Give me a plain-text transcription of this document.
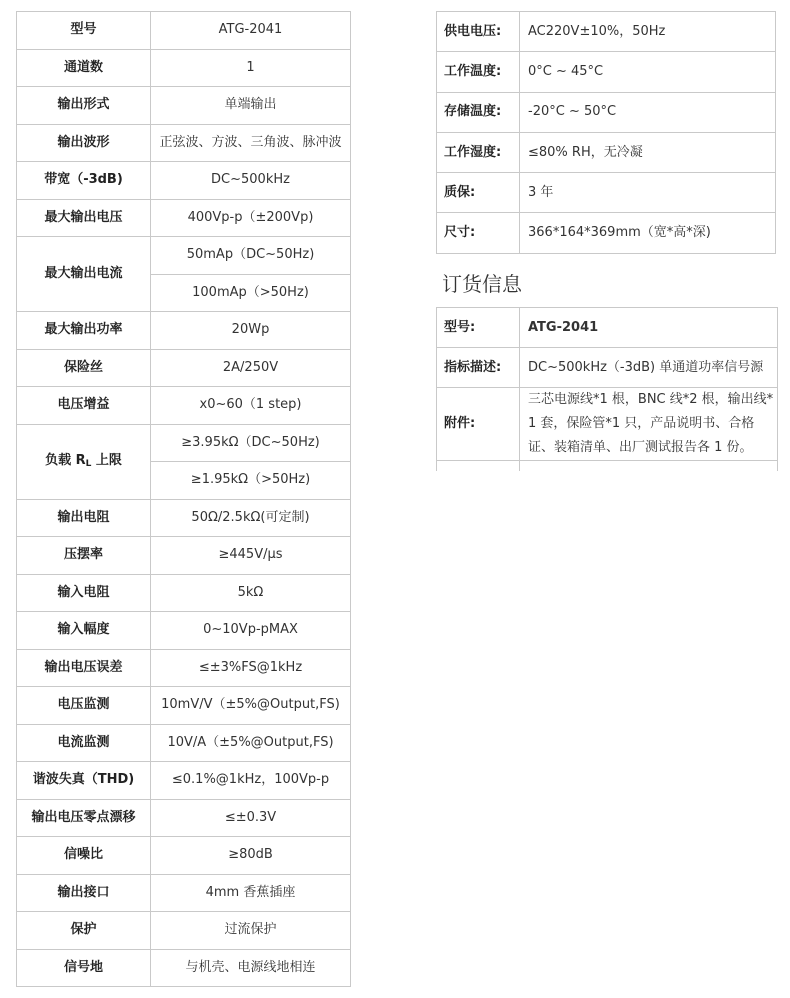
型号	ATG-2041
通道数	1
输出形式	单端输出
输出波形	正弦波、方波、三角波、脉冲波
带宽（-3dB)	DC~500kHz
最大输出电压	400Vp-p（±200Vp)
最大输出电流	50mAp（DC~50Hz)
	100mAp（>50Hz)
最大输出功率	20Wp
保险丝	2A/250V
电压增益	x0~60（1 step)
负载 $R_L$ 上限	≥3.95kΩ（DC~50Hz)
	≥1.95kΩ（>50Hz)
输出电阻	50Ω/2.5kΩ(可定制)
压摆率	≥445V/μs
输入电阻	5kΩ
输入幅度	0~10Vp-pMAX
输出电压误差	≤±3%FS@1kHz
电压监测	10mV/V（±5%@Output,FS)
电流监测	10V/A（±5%@Output,FS)
谐波失真（THD)	≤0.1%@1kHz，100Vp-p
输出电压零点漂移	≤±0.3V
信噪比	≥80dB
输出接口	4mm 香蕉插座
保护	过流保护
信号地	与机壳、电源线地相连
供电电压:	AC220V±10%，50Hz
工作温度:	0°C ~ 45°C
存储温度:	-20°C ~ 50°C
工作湿度:	≤80% RH，无冷凝
质保:	3 年
尺寸:	366*164*369mm（宽*高*深)
订货信息
型号:	ATG-2041
指标描述:	DC~500kHz（-3dB) 单通道功率信号源
附件:	三芯电源线*1 根，BNC 线*2 根，输出线*1 套，保险管*1 只，产品说明书、合格证、装箱清单、出厂测试报告各 1 份。
